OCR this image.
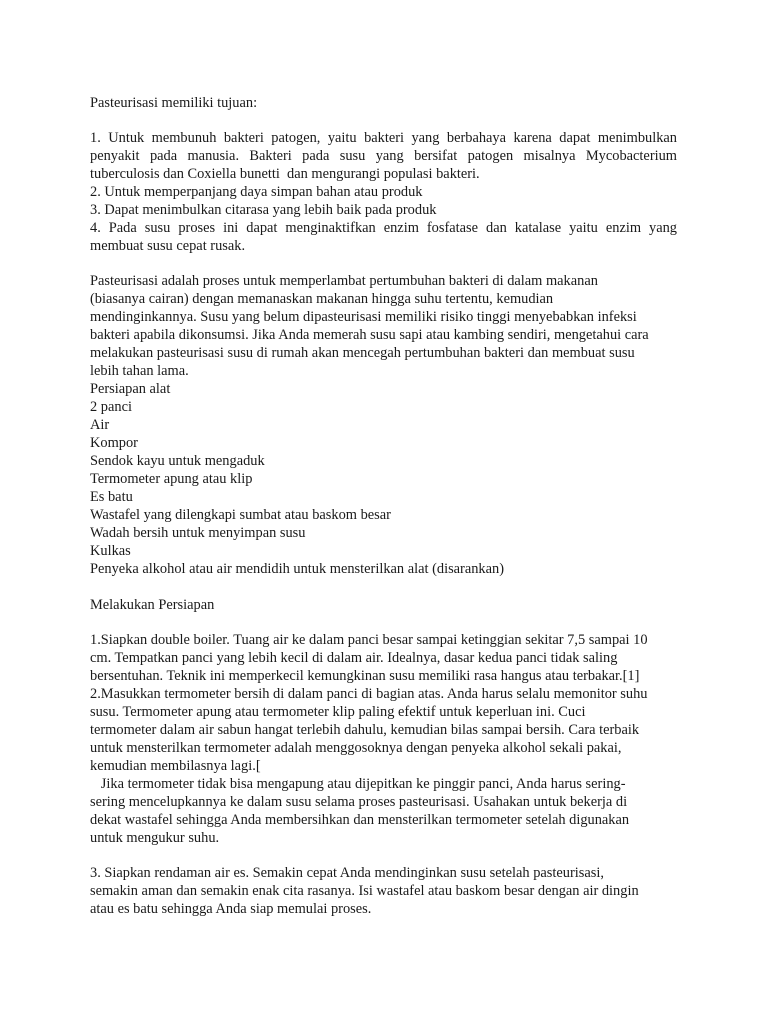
Pasteurisasi memiliki tujuan:
1. Untuk membunuh bakteri patogen, yaitu bakteri yang berbahaya karena dapat menimbulkan
penyakit pada manusia. Bakteri pada susu yang bersifat patogen misalnya Mycobacterium
tuberculosis dan Coxiella bunetti  dan mengurangi populasi bakteri.
2. Untuk memperpanjang daya simpan bahan atau produk
3. Dapat menimbulkan citarasa yang lebih baik pada produk
4. Pada susu proses ini dapat menginaktifkan enzim fosfatase dan katalase yaitu enzim yang
membuat susu cepat rusak.
Pasteurisasi adalah proses untuk memperlambat pertumbuhan bakteri di dalam makanan
(biasanya cairan) dengan memanaskan makanan hingga suhu tertentu, kemudian
mendinginkannya. Susu yang belum dipasteurisasi memiliki risiko tinggi menyebabkan infeksi
bakteri apabila dikonsumsi. Jika Anda memerah susu sapi atau kambing sendiri, mengetahui cara
melakukan pasteurisasi susu di rumah akan mencegah pertumbuhan bakteri dan membuat susu
lebih tahan lama.
Persiapan alat
2 panci
Air
Kompor
Sendok kayu untuk mengaduk
Termometer apung atau klip
Es batu
Wastafel yang dilengkapi sumbat atau baskom besar
Wadah bersih untuk menyimpan susu
Kulkas
Penyeka alkohol atau air mendidih untuk mensterilkan alat (disarankan)
Melakukan Persiapan
1.Siapkan double boiler. Tuang air ke dalam panci besar sampai ketinggian sekitar 7,5 sampai 10
cm. Tempatkan panci yang lebih kecil di dalam air. Idealnya, dasar kedua panci tidak saling
bersentuhan. Teknik ini memperkecil kemungkinan susu memiliki rasa hangus atau terbakar.[1]
2.Masukkan termometer bersih di dalam panci di bagian atas. Anda harus selalu memonitor suhu
susu. Termometer apung atau termometer klip paling efektif untuk keperluan ini. Cuci
termometer dalam air sabun hangat terlebih dahulu, kemudian bilas sampai bersih. Cara terbaik
untuk mensterilkan termometer adalah menggosoknya dengan penyeka alkohol sekali pakai,
kemudian membilasnya lagi.[
Jika termometer tidak bisa mengapung atau dijepitkan ke pinggir panci, Anda harus sering-
sering mencelupkannya ke dalam susu selama proses pasteurisasi. Usahakan untuk bekerja di
dekat wastafel sehingga Anda membersihkan dan mensterilkan termometer setelah digunakan
untuk mengukur suhu.
3. Siapkan rendaman air es. Semakin cepat Anda mendinginkan susu setelah pasteurisasi,
semakin aman dan semakin enak cita rasanya. Isi wastafel atau baskom besar dengan air dingin
atau es batu sehingga Anda siap memulai proses.
